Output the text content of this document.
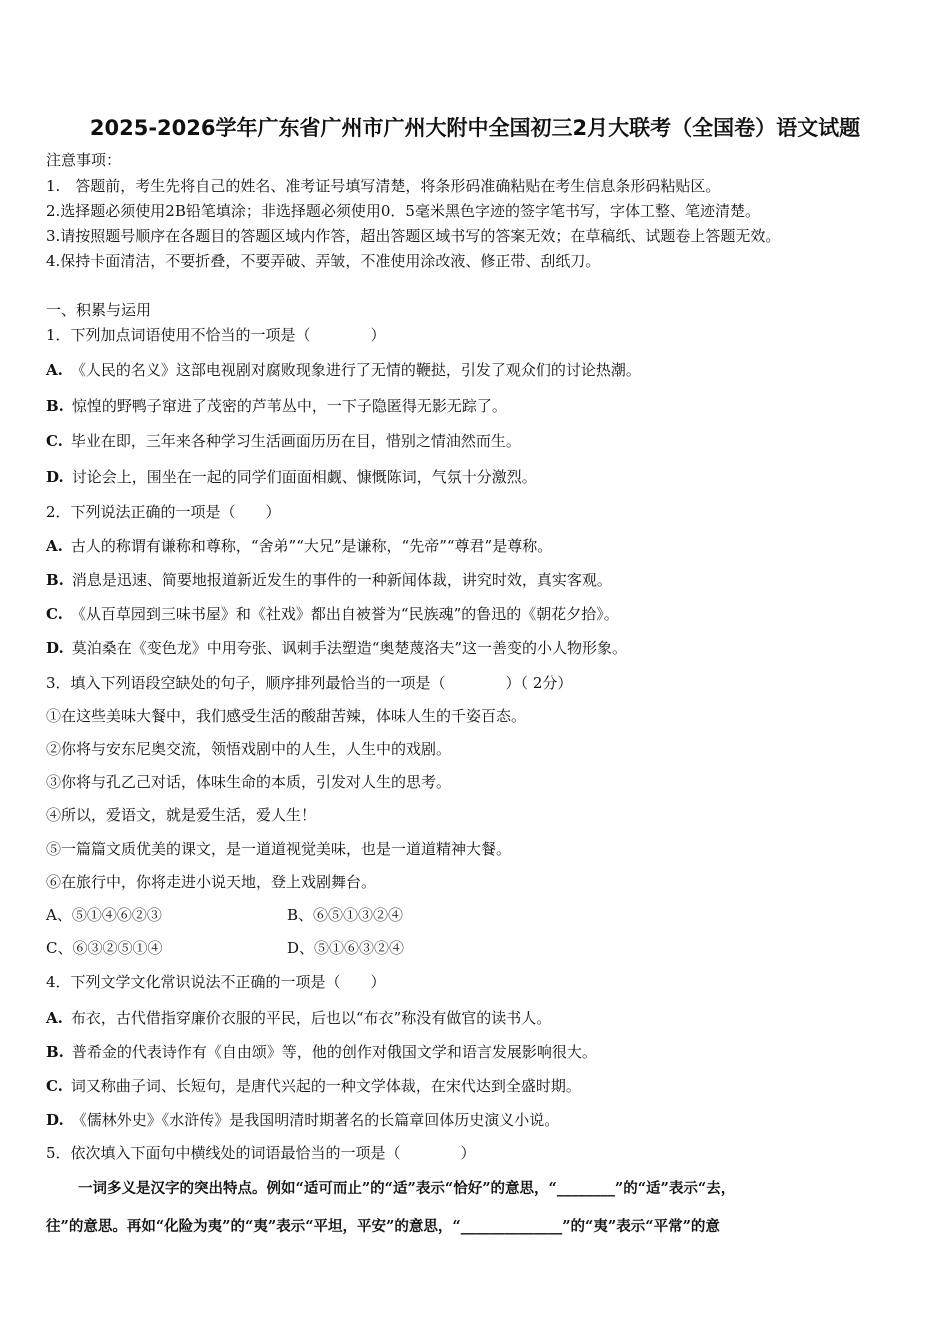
2025-2026学年广东省广州市广州大附中全国初三2月大联考（全国卷）语文试题
注意事项：
1.　答题前，考生先将自己的姓名、准考证号填写清楚，将条形码准确粘贴在考生信息条形码粘贴区。
2.选择题必须使用2B铅笔填涂；非选择题必须使用0．5毫米黑色字迹的签字笔书写，字体工整、笔迹清楚。
3.请按照题号顺序在各题目的答题区域内作答，超出答题区域书写的答案无效；在草稿纸、试题卷上答题无效。
4.保持卡面清洁，不要折叠，不要弄破、弄皱，不准使用涂改液、修正带、刮纸刀。
一、积累与运用
1．下列加点词语使用不恰当的一项是（　　　　）
A. 《人民的名义》这部电视剧对腐败现象进行了无情的鞭挞，引发了观众们的讨论热潮。
B. 惊惶的野鸭子窜进了茂密的芦苇丛中，一下子隐匿得无影无踪了。
C. 毕业在即，三年来各种学习生活画面历历在目，惜别之情油然而生。
D. 讨论会上，围坐在一起的同学们面面相觑、慷慨陈词，气氛十分激烈。
2．下列说法正确的一项是（　　）
A. 古人的称谓有谦称和尊称，“舍弟”“大兄”是谦称，“先帝”“尊君”是尊称。
B. 消息是迅速、简要地报道新近发生的事件的一种新闻体裁，讲究时效，真实客观。
C. 《从百草园到三味书屋》和《社戏》都出自被誉为“民族魂”的鲁迅的《朝花夕拾》。
D. 莫泊桑在《变色龙》中用夸张、讽刺手法塑造“奥楚蔑洛夫”这一善变的小人物形象。
3．填入下列语段空缺处的句子，顺序排列最恰当的一项是（　　　　）（ 2分）
①在这些美味大餐中，我们感受生活的酸甜苦辣，体味人生的千姿百态。
②你将与安东尼奥交流，领悟戏剧中的人生，人生中的戏剧。
③你将与孔乙己对话，体味生命的本质，引发对人生的思考。
④所以，爱语文，就是爱生活，爱人生！
⑤一篇篇文质优美的课文，是一道道视觉美味，也是一道道精神大餐。
⑥在旅行中，你将走进小说天地，登上戏剧舞台。
A、⑤①④⑥②③	B、⑥⑤①③②④
C、⑥③②⑤①④	D、⑤①⑥③②④
4．下列文学文化常识说法不正确的一项是（　　）
A. 布衣，古代借指穿廉价衣服的平民，后也以“布衣”称没有做官的读书人。
B. 普希金的代表诗作有《自由颂》等，他的创作对俄国文学和语言发展影响很大。
C. 词又称曲子词、长短句，是唐代兴起的一种文学体裁，在宋代达到全盛时期。
D. 《儒林外史》《水浒传》是我国明清时期著名的长篇章回体历史演义小说。
5．依次填入下面句中横线处的词语最恰当的一项是（　　　　）
一词多义是汉字的突出特点。例如“适可而止”的“适”表示“恰好”的意思，“________”的“适”表示“去，
往”的意思。再如“化险为夷”的“夷”表示“平坦，平安”的意思，“______________”的“夷”表示“平常”的意
